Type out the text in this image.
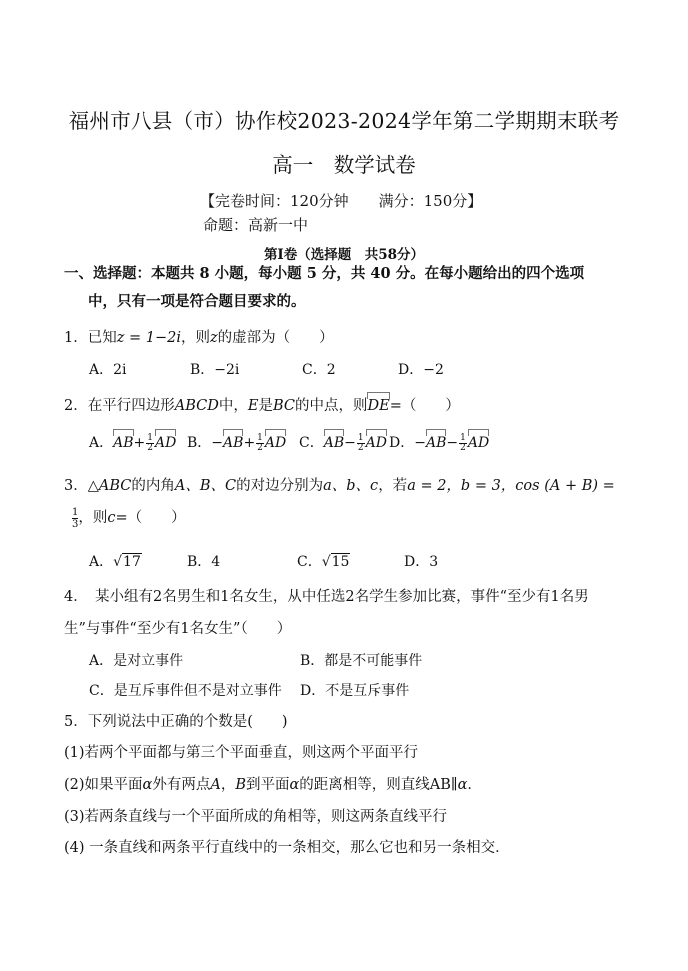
福州市八县（市）协作校2023-2024学年第二学期期末联考
高一　数学试卷
【完卷时间：120分钟　　满分：150分】
命题：高新一中
第Ⅰ卷（选择题　共58分）
一、选择题：本题共 8 小题，每小题 5 分，共 40 分。在每小题给出的四个选项
中，只有一项是符合题目要求的。
1．已知z = 1−2i，则z的虚部为（　　）
A．2i	B．−2i	C．2	D．−2
2．在平行四边形ABCD中，E是BC的中点，则DE=（　　）
A．$AB+ \frac{1}{2}$ AD B．$-AB+ \frac{1}{2}$ AD C．$AB- \frac{1}{2}$ AD D．$-AB- \frac{1}{2}$ AD
3．△ABC的内角A、B、C的对边分别为a、b、c，若a = 2，b = 3，cos (A + B) =
$\frac{1}{3}$ ，则c=（　　）
A．√17	B．4	C．√15	D．3
4．　某小组有2名男生和1名女生，从中任选2名学生参加比赛，事件“至少有1名男
生”与事件“至少有1名女生”（　　）
A．是对立事件	B．都是不可能事件
C．是互斥事件但不是对立事件 D．不是互斥事件
5．下列说法中正确的个数是(　　)
(1)若两个平面都与第三个平面垂直，则这两个平面平行
(2)如果平面α外有两点A，B到平面α的距离相等，则直线AB∥α．
(3)若两条直线与一个平面所成的角相等，则这两条直线平行
(4) 一条直线和两条平行直线中的一条相交，那么它也和另一条相交．
